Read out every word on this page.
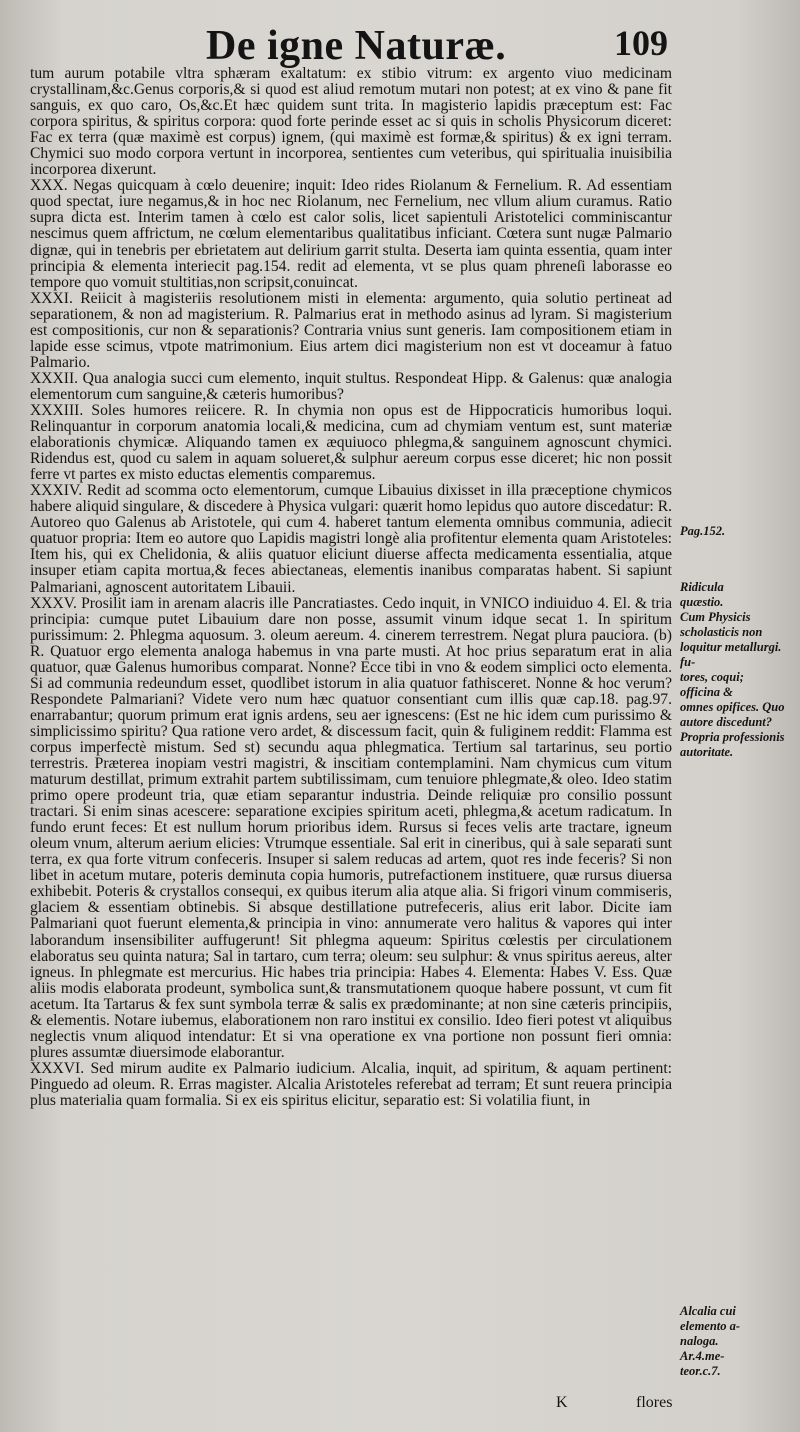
De igne Naturæ.	109

tum aurum potabile vltra sphæram exaltatum: ex stibio vitrum: ex argento viuo medicinam crystallinam,&c.Genus corporis,& si quod est aliud remotum mutari non potest; at ex vino & pane fit sanguis, ex quo caro, Os,&c.Et hæc quidem sunt trita. In magisterio lapidis præceptum est: Fac corpora spiritus, & spiritus corpora: quod forte perinde esset ac si quis in scholis Physicorum diceret: Fac ex terra (quæ maximè est corpus) ignem, (qui maximè est formæ,& spiritus) & ex igni terram. Chymici suo modo corpora vertunt in incorporea, sentientes cum veteribus, qui spiritualia inuisibilia incorporea dixerunt.

XXX. Negas quicquam à cœlo deuenire; inquit: Ideo rides Riolanum & Fernelium. R. Ad essentiam quod spectat, iure negamus,& in hoc nec Riolanum, nec Fernelium, nec vllum alium curamus. Ratio supra dicta est. Interim tamen à cœlo est calor solis, licet sapientuli Aristotelici comminiscantur nescimus quem affrictum, ne cœlum elementaribus qualitatibus inficiant. Cœtera sunt nugæ Palmario dignæ, qui in tenebris per ebrietatem aut delirium garrit stulta. Deserta iam quinta essentia, quam inter principia & elementa interiecit pag.154. redit ad elementa, vt se plus quam phreneſi laborasse eo tempore quo vomuit stultitias,non scripsit,conuincat.

XXXI. Reiicit à magisteriis resolutionem misti in elementa: argumento, quia solutio pertineat ad separationem, & non ad magisterium. R. Palmarius erat in methodo asinus ad lyram. Si magisterium est compositionis, cur non & separationis? Contraria vnius sunt generis. Iam compositionem etiam in lapide esse scimus, vtpote matrimonium. Eius artem dici magisterium non est vt doceamur à fatuo Palmario.

XXXII. Qua analogia succi cum elemento, inquit stultus. Respondeat Hipp. & Galenus: quæ analogia elementorum cum sanguine,& cæteris humoribus?

XXXIII. Soles humores reiicere. R. In chymia non opus est de Hippocraticis humoribus loqui. Relinquantur in corporum anatomia locali,& medicina, cum ad chymiam ventum est, sunt materiæ elaborationis chymicæ. Aliquando tamen ex æquiuoco phlegma,& sanguinem agnoscunt chymici. Ridendus est, quod cu salem in aquam solueret,& sulphur aereum corpus esse diceret; hic non possit ferre vt partes ex misto eductas elementis comparemus.

XXXIV. Redit ad scomma octo elementorum, cumque Libauius dixisset in illa præceptione chymicos habere aliquid singulare, & discedere à Physica vulgari: quærit homo lepidus quo autore discedatur: R. Autoreo quo Galenus ab Aristotele, qui cum 4. haberet tantum elementa omnibus communia, adiecit quatuor propria: Item eo autore quo Lapidis magistri longè alia profitentur elementa quam Aristoteles: Item his, qui ex Chelidonia, & aliis quatuor eliciunt diuerse affecta medicamenta essentialia, atque insuper etiam capita mortua,& feces abiectaneas, elementis inanibus comparatas habent. Si sapiunt Palmariani, agnoscent autoritatem Libauii.

XXXV. Prosilit iam in arenam alacris ille Pancratiastes. Cedo inquit, in VNICO indiuiduo 4. El. & tria principia: cumque putet Libauium dare non posse, assumit vinum idque secat 1. In spiritum purissimum: 2. Phlegma aquosum. 3. oleum aereum. 4. cinerem terrestrem. Negat plura pauciora. (b) R. Quatuor ergo elementa analoga habemus in vna parte musti. At hoc prius separatum erat in alia quatuor, quæ Galenus humoribus comparat. Nonne? Ecce tibi in vno & eodem simplici octo elementa. Si ad communia redeundum esset, quodlibet istorum in alia quatuor fathisceret. Nonne & hoc verum? Respondete Palmariani? Videte vero num hæc quatuor consentiant cum illis quæ cap.18. pag.97. enarrabantur; quorum primum erat ignis ardens, seu aer ignescens: (Est ne hic idem cum purissimo & simplicissimo spiritu? Qua ratione vero ardet, & discessum facit, quin & fuliginem reddit: Flamma est corpus imperfectè mistum. Sed st) secundu aqua phlegmatica. Tertium sal tartarinus, seu portio terrestris. Præterea inopiam vestri magistri, & inscitiam contemplamini. Nam chymicus cum vitum maturum destillat, primum extrahit partem subtilissimam, cum tenuiore phlegmate,& oleo. Ideo statim primo opere prodeunt tria, quæ etiam separantur industria. Deinde reliquiæ pro consilio possunt tractari. Si enim sinas acescere: separatione excipies spiritum aceti, phlegma,& acetum radicatum. In fundo erunt feces: Et est nullum horum prioribus idem. Rursus si feces velis arte tractare, igneum oleum vnum, alterum aerium elicies: Vtrumque essentiale. Sal erit in cineribus, qui à sale separati sunt terra, ex qua forte vitrum confeceris. Insuper si salem reducas ad artem, quot res inde feceris? Si non libet in acetum mutare, poteris deminuta copia humoris, putrefactionem instituere, quæ rursus diuersa exhibebit. Poteris & crystallos consequi, ex quibus iterum alia atque alia. Si frigori vinum commiseris, glaciem & essentiam obtinebis. Si absque destillatione putrefeceris, alius erit labor. Dicite iam Palmariani quot fuerunt elementa,& principia in vino: annumerate vero halitus & vapores qui inter laborandum insensibiliter auffugerunt! Sit phlegma aqueum: Spiritus cœlestis per circulationem elaboratus seu quinta natura; Sal in tartaro, cum terra; oleum: seu sulphur: & vnus spiritus aereus, alter igneus. In phlegmate est mercurius. Hic habes tria principia: Habes 4. Elementa: Habes V. Ess. Quæ aliis modis elaborata prodeunt, symbolica sunt,& transmutationem quoque habere possunt, vt cum fit acetum. Ita Tartarus & fex sunt symbola terræ & salis ex prædominante; at non sine cæteris principiis, & elementis. Notare iubemus, elaborationem non raro institui ex consilio. Ideo fieri potest vt aliquibus neglectis vnum aliquod intendatur: Et si vna operatione ex vna portione non possunt fieri omnia: plures assumtæ diuersimode elaborantur.

XXXVI. Sed mirum audite ex Palmario iudicium. Alcalia, inquit, ad spiritum, & aquam pertinent: Pinguedo ad oleum. R. Erras magister. Alcalia Aristoteles referebat ad terram; Et sunt reuera principia plus materialia quam formalia. Si ex eis spiritus elicitur, separatio est: Si volatilia fiunt, in

Pag.152.
Ridicula
quæstio.
Cum Physicis scholasticis non loquitur metallurgi. fu-
tores, coqui;
officina &
omnes opifices. Quo autore discedunt? Propria professionis autoritate.
Alcalia cui
elemento a-
naloga.
Ar.4.me-
teor.c.7.
K	flores
